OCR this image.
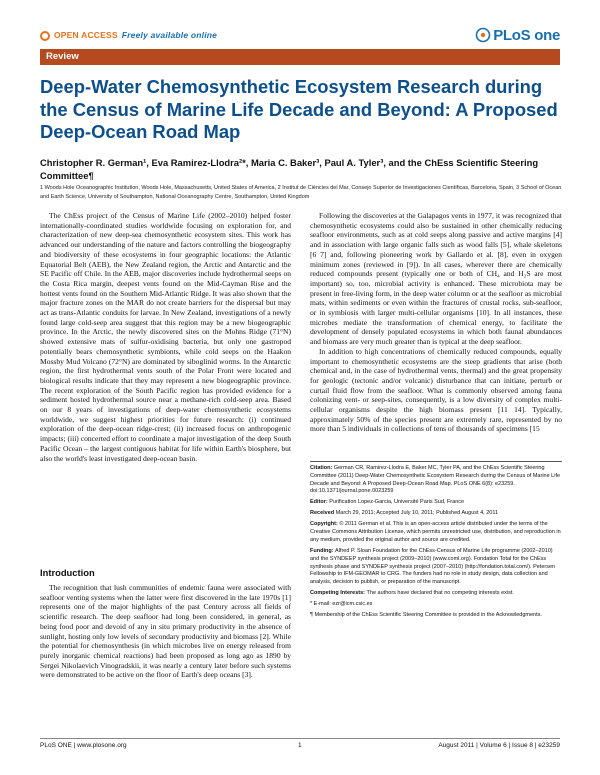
OPEN ACCESS Freely available online	PLoS one
Review
Deep-Water Chemosynthetic Ecosystem Research during the Census of Marine Life Decade and Beyond: A Proposed Deep-Ocean Road Map
Christopher R. German¹, Eva Ramirez-Llodra²*, Maria C. Baker³, Paul A. Tyler³, and the ChEss Scientific Steering Committee¶
1 Woods Hole Oceanographic Institution, Woods Hole, Massachusetts, United States of America, 2 Institut de Ciències del Mar, Consejo Superior de Investigaciones Científicas, Barcelona, Spain, 3 School of Ocean and Earth Science, University of Southampton, National Oceanography Centre, Southampton, United Kingdom

The ChEss project of the Census of Marine Life (2002–2010) helped foster internationally-coordinated studies worldwide focusing on exploration for, and characterization of new deep-sea chemosynthetic ecosystem sites. This work has advanced our understanding of the nature and factors controlling the biogeography and biodiversity of these ecosystems in four geographic locations: the Atlantic Equatorial Belt (AEB), the New Zealand region, the Arctic and Antarctic and the SE Pacific off Chile. In the AEB, major discoveries include hydrothermal seeps on the Costa Rica margin, deepest vents found on the Mid-Cayman Rise and the hottest vents found on the Southern Mid-Atlantic Ridge. It was also shown that the major fracture zones on the MAR do not create barriers for the dispersal but may act as trans-Atlantic conduits for larvae. In New Zealand, investigations of a newly found large cold-seep area suggest that this region may be a new biogeographic province. In the Arctic, the newly discovered sites on the Mohns Ridge (71°N) showed extensive mats of sulfur-oxidising bacteria, but only one gastropod potentially bears chemosynthetic symbionts, while cold seeps on the Haakon Mossby Mud Volcano (72°N) are dominated by siboglinid worms. In the Antarctic region, the first hydrothermal vents south of the Polar Front were located and biological results indicate that they may represent a new biogeographic province. The recent exploration of the South Pacific region has provided evidence for a sediment hosted hydrothermal source near a methane-rich cold-seep area. Based on our 8 years of investigations of deep-water chemosynthetic ecosystems worldwide, we suggest highest priorities for future research: (i) continued exploration of the deep-ocean ridge-crest; (ii) increased focus on anthropogenic impacts; (iii) concerted effort to coordinate a major investigation of the deep South Pacific Ocean – the largest contiguous habitat for life within Earth's biosphere, but also the world's least investigated deep-ocean basin.

Introduction

The recognition that lush communities of endemic fauna were associated with seafloor venting systems when the latter were first discovered in the late 1970s [1] represents one of the major highlights of the past Century across all fields of scientific research. The deep seafloor had long been considered, in general, as being food poor and devoid of any in situ primary productivity in the absence of sunlight, hosting only low levels of secondary productivity and biomass [2]. While the potential for chemosynthesis (in which microbes live on energy released from purely inorganic chemical reactions) had been proposed as long ago as 1890 by Sergei Nikolaevich Vinogradskii, it was nearly a century later before such systems were demonstrated to be active on the floor of Earth's deep oceans [3].

Following the discoveries at the Galapagos vents in 1977, it was recognized that chemosynthetic ecosystems could also be sustained in other chemically reducing seafloor environments, such as at cold seeps along passive and active margins [4] and in association with large organic falls such as wood falls [5], whale skeletons [6 7] and, following pioneering work by Gallardo et al. [8], even in oxygen minimum zones (reviewed in [9]). In all cases, wherever there are chemically reduced compounds present (typically one or both of CH₄ and H₂S are most important) so, too, microbial activity is enhanced. These microbiota may be present in free-living form, in the deep water column or at the seafloor as microbial mats, within sediments or even within the fractures of crustal rocks, sub-seafloor, or in symbiosis with larger multi-cellular organisms [10]. In all instances, these microbes mediate the transformation of chemical energy, to facilitate the development of densely populated ecosystems in which both faunal abundances and biomass are very much greater than is typical at the deep seafloor.

In addition to high concentrations of chemically reduced compounds, equally important to chemosynthetic ecosystems are the steep gradients that arise (both chemical and, in the case of hydrothermal vents, thermal) and the great propensity for geologic (tectonic and/or volcanic) disturbance that can initiate, perturb or curtail fluid flow from the seafloor. What is commonly observed among fauna colonizing vent- or seep-sites, consequently, is a low diversity of complex multi-cellular organisms despite the high biomass present [11 14]. Typically, approximately 50% of the species present are extremely rare, represented by no more than 5 individuals in collections of tens of thousands of specimens [15

Citation: German CR, Ramirez-Llodra E, Baker MC, Tyler PA, and the ChEss Scientific Steering Committee (2011) Deep-Water Chemosynthetic Ecosystem Research during the Census of Marine Life Decade and Beyond: A Proposed Deep-Ocean Road Map. PLoS ONE 6(8): e23259. doi:10.1371/journal.pone.0023259

Editor: Purification Lopez-Garcia, Université Paris Sud, France

Received March 29, 2011; Accepted July 10, 2011; Published August 4, 2011

Copyright: © 2011 German et al. This is an open-access article distributed under the terms of the Creative Commons Attribution License, which permits unrestricted use, distribution, and reproduction in any medium, provided the original author and source are credited.

Funding: Alfred P. Sloan Foundation for the ChEss-Census of Marine Life programme (2002–2010) and the SYNDEEP synthesis project (2009–2010) (www.coml.org). Fondation Total for the ChEss synthesis phase and SYNDEEP synthesis project (2007–2010) (http://fondation.total.com/). Petersen Fellowship to IFM-GEOMAR to CRG. The funders had no role in study design, data collection and analysis, decision to publish, or preparation of the manuscript.

Competing Interests: The authors have declared that no competing interests exist.

* E-mail: ezr@icm.csic.es

¶ Membership of the ChEss Scientific Steering Committee is provided in the Acknowledgments.

PLoS ONE | www.plosone.org	1	August 2011 | Volume 6 | Issue 8 | e23259
